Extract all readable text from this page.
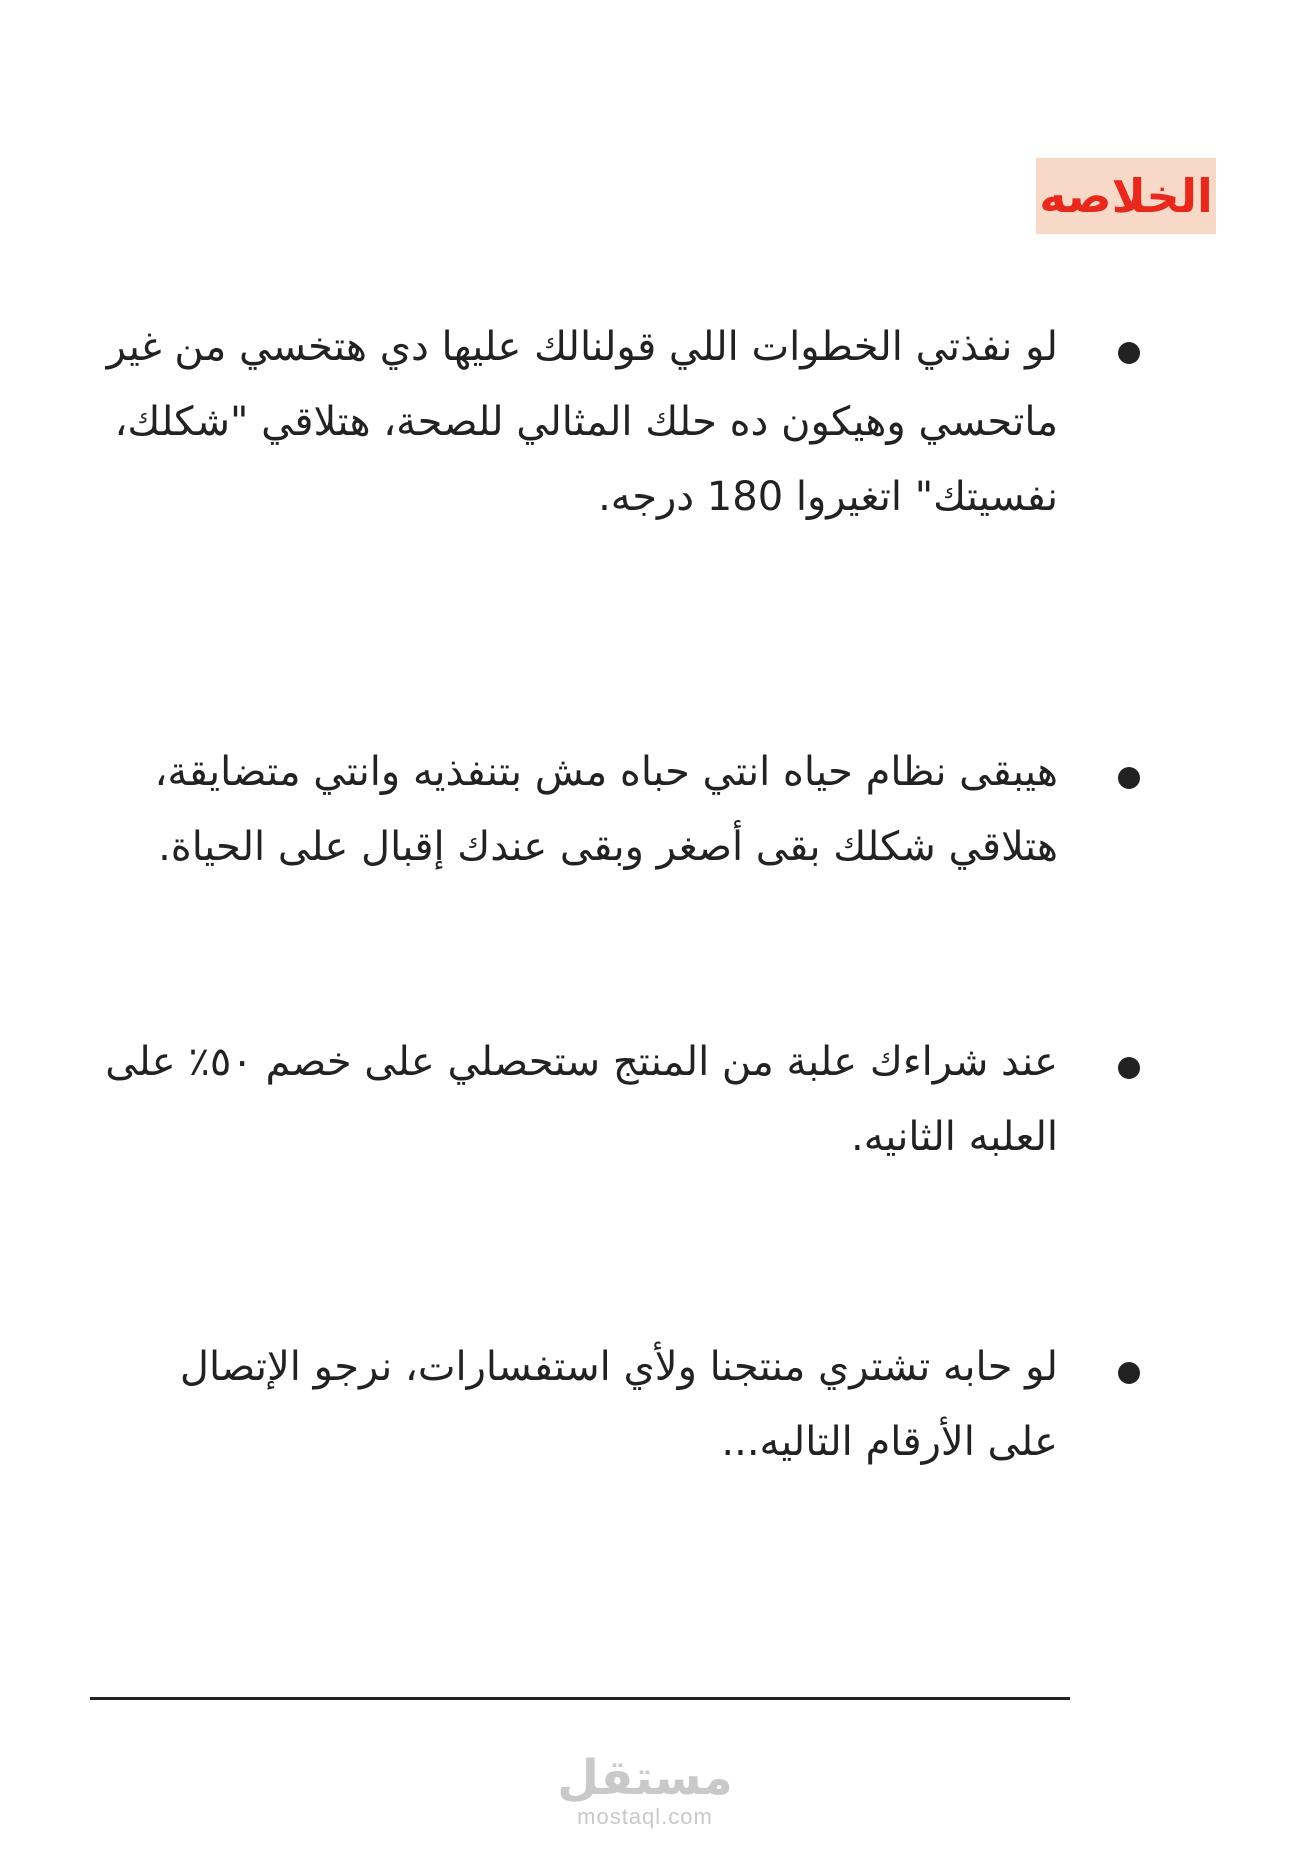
الخلاصه
لو نفذتي الخطوات اللي قولنالك عليها دي هتخسي من غير ماتحسي وهيكون ده حلك المثالي للصحة، هتلاقي "شكلك، نفسيتك" اتغيروا 180 درجه.
هيبقى نظام حياه انتي حباه مش بتنفذيه وانتي متضايقة، هتلاقي شكلك بقى أصغر وبقى عندك إقبال على الحياة.
عند شراءك علبة من المنتج ستحصلي على خصم ٥٠٪ على العلبه الثانيه.
لو حابه تشتري منتجنا ولأي استفسارات، نرجو الإتصال على الأرقام التاليه...
مستقل
mostaql.com
